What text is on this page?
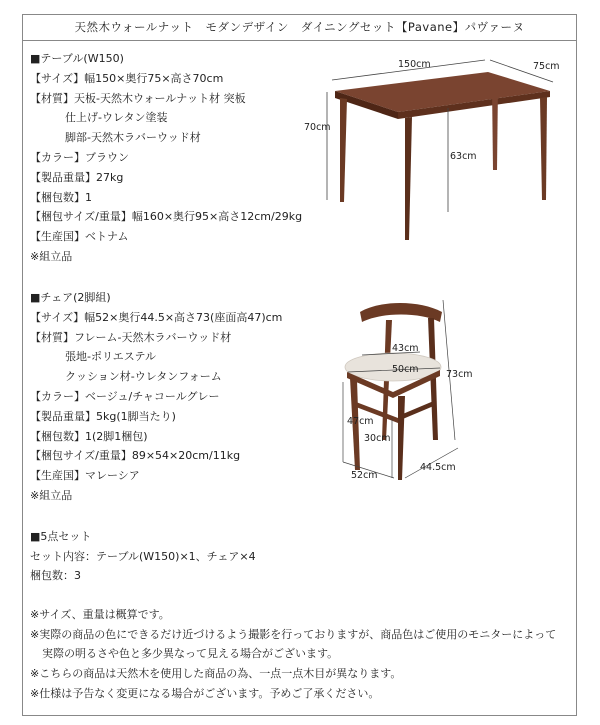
天然木ウォールナット　モダンデザイン　ダイニングセット【Pavane】パヴァーヌ
■テーブル(W150)
【サイズ】幅150×奥行75×高さ70cm
【材質】天板‐天然木ウォールナット材 突板
仕上げ‐ウレタン塗装
脚部‐天然木ラバーウッド材
【カラー】ブラウン
【製品重量】27kg
【梱包数】1
【梱包サイズ/重量】幅160×奥行95×高さ12cm/29kg
【生産国】ベトナム
※組立品
150cm	75cm
70cm
63cm
■チェア(2脚組)
【サイズ】幅52×奥行44.5×高さ73(座面高47)cm
【材質】フレーム‐天然木ラバーウッド材
張地‐ポリエステル
クッション材‐ウレタンフォーム
【カラー】ベージュ/チャコールグレー
【製品重量】5kg(1脚当たり)
【梱包数】1(2脚1梱包)
【梱包サイズ/重量】89×54×20cm/11kg
【生産国】マレーシア
※組立品
43cm
50cm	73cm
47cm
30cm
52cm
44.5cm
■5点セット
セット内容：テーブル(W150)×1、チェア×4
梱包数：3
※サイズ、重量は概算です。
※実際の商品の色にできるだけ近づけるよう撮影を行っておりますが、商品色はご使用のモニターによって
実際の明るさや色と多少異なって見える場合がございます。
※こちらの商品は天然木を使用した商品の為、一点一点木目が異なります。
※仕様は予告なく変更になる場合がございます。予めご了承ください。
